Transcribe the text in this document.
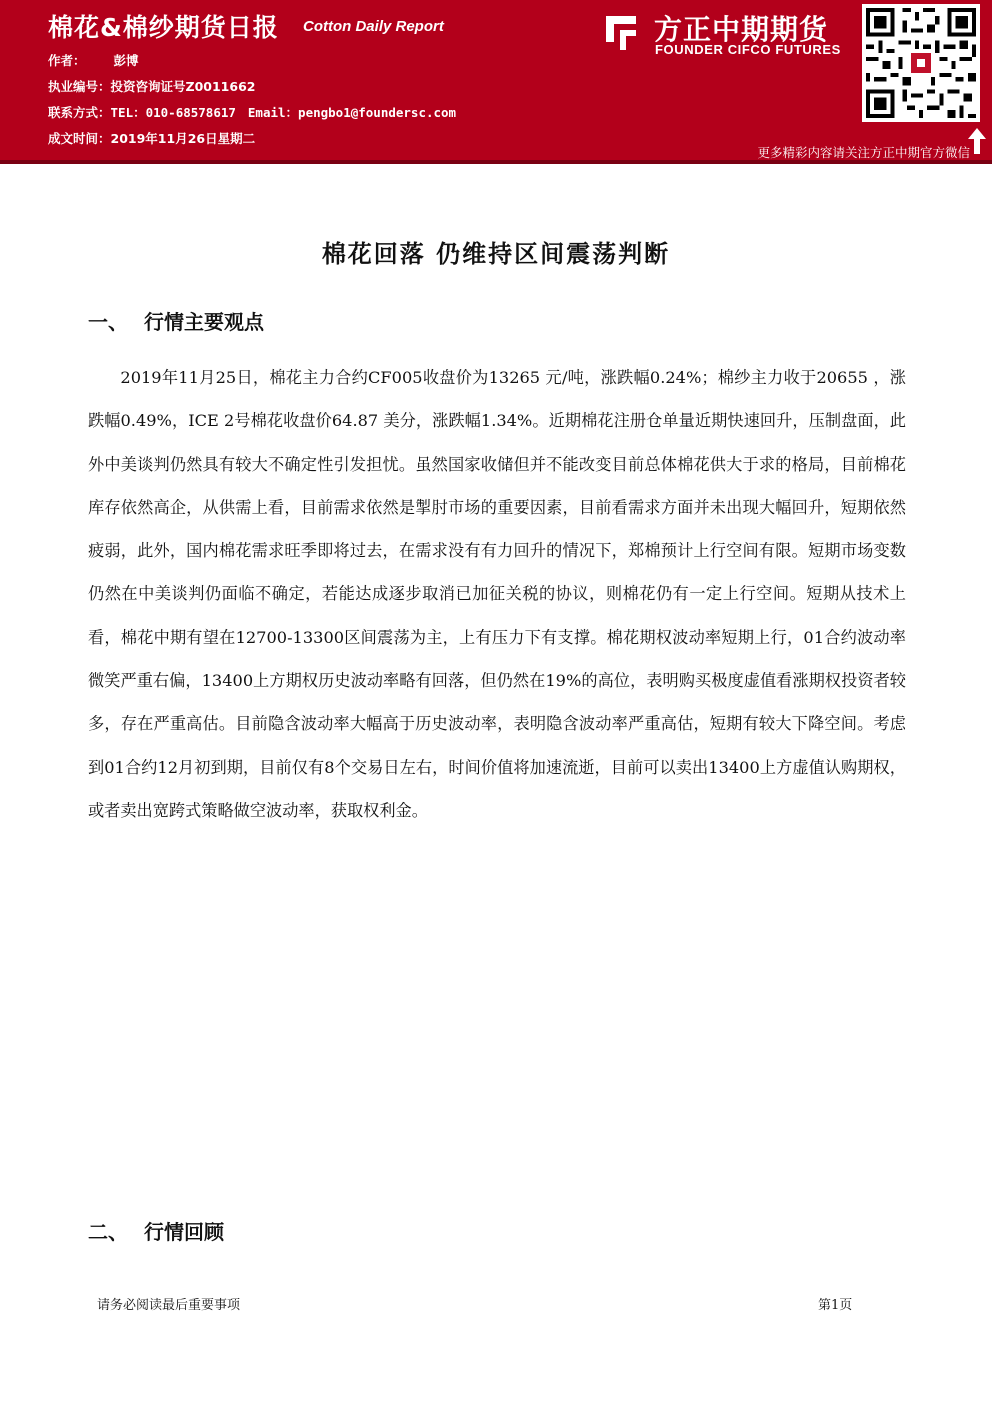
棉花&棉纱期货日报 Cotton Daily Report
作者： 彭博
执业编号：投资咨询证号Z0011662
联系方式：TEL：010-68578617 Email：pengbo1@foundersc.com
成文时间：2019年11月26日星期二
方正中期期货
FOUNDER CIFCO FUTURES
更多精彩内容请关注方正中期官方微信
棉花回落 仍维持区间震荡判断
一、 行情主要观点
2019年11月25日，棉花主力合约CF005收盘价为13265 元/吨，涨跌幅0.24%；棉纱主力收于20655 ，涨跌幅0.49%，ICE 2号棉花收盘价64.87 美分，涨跌幅1.34%。近期棉花注册仓单量近期快速回升，压制盘面，此外中美谈判仍然具有较大不确定性引发担忧。虽然国家收储但并不能改变目前总体棉花供大于求的格局，目前棉花库存依然高企，从供需上看，目前需求依然是掣肘市场的重要因素，目前看需求方面并未出现大幅回升，短期依然疲弱，此外，国内棉花需求旺季即将过去，在需求没有有力回升的情况下，郑棉预计上行空间有限。短期市场变数仍然在中美谈判仍面临不确定，若能达成逐步取消已加征关税的协议，则棉花仍有一定上行空间。短期从技术上看，棉花中期有望在12700-13300区间震荡为主，上有压力下有支撑。棉花期权波动率短期上行，01合约波动率微笑严重右偏，13400上方期权历史波动率略有回落，但仍然在19%的高位，表明购买极度虚值看涨期权投资者较多，存在严重高估。目前隐含波动率大幅高于历史波动率，表明隐含波动率严重高估，短期有较大下降空间。考虑到01合约12月初到期，目前仅有8个交易日左右，时间价值将加速流逝，目前可以卖出13400上方虚值认购期权，或者卖出宽跨式策略做空波动率，获取权利金。
二、 行情回顾
请务必阅读最后重要事项	第1页
